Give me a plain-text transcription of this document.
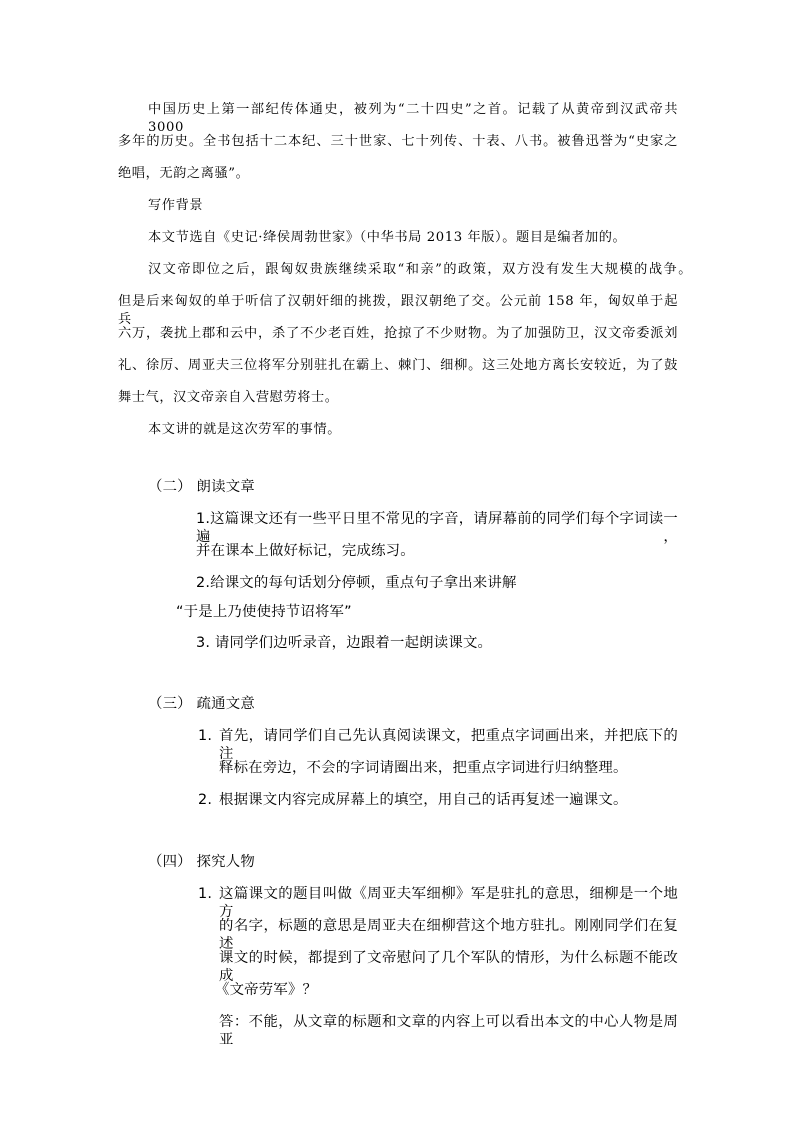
中国历史上第一部纪传体通史，被列为“二十四史”之首。记载了从黄帝到汉武帝共 3000
多年的历史。全书包括十二本纪、三十世家、七十列传、十表、八书。被鲁迅誉为“史家之
绝唱，无韵之离骚”。
写作背景
本文节选自《史记·绛侯周勃世家》（中华书局 2013 年版）。题目是编者加的。
汉文帝即位之后，跟匈奴贵族继续采取“和亲”的政策，双方没有发生大规模的战争。
但是后来匈奴的单于听信了汉朝奸细的挑拨，跟汉朝绝了交。公元前 158 年，匈奴单于起兵
六万，袭扰上郡和云中，杀了不少老百姓，抢掠了不少财物。为了加强防卫，汉文帝委派刘
礼、徐厉、周亚夫三位将军分别驻扎在霸上、棘门、细柳。这三处地方离长安较近，为了鼓
舞士气，汉文帝亲自入营慰劳将士。
本文讲的就是这次劳军的事情。
（二） 朗读文章
1.这篇课文还有一些平日里不常见的字音，请屏幕前的同学们每个字词读一遍，
并在课本上做好标记，完成练习。
2.给课文的每句话划分停顿，重点句子拿出来讲解
“于是上乃使使持节诏将军”
3. 请同学们边听录音，边跟着一起朗读课文。
（三） 疏通文意
1. 首先，请同学们自己先认真阅读课文，把重点字词画出来，并把底下的注
释标在旁边，不会的字词请圈出来，把重点字词进行归纳整理。
2. 根据课文内容完成屏幕上的填空，用自己的话再复述一遍课文。
（四） 探究人物
1. 这篇课文的题目叫做《周亚夫军细柳》军是驻扎的意思，细柳是一个地方
的名字，标题的意思是周亚夫在细柳营这个地方驻扎。刚刚同学们在复述
课文的时候，都提到了文帝慰问了几个军队的情形，为什么标题不能改成
《文帝劳军》？
答：不能，从文章的标题和文章的内容上可以看出本文的中心人物是周亚
